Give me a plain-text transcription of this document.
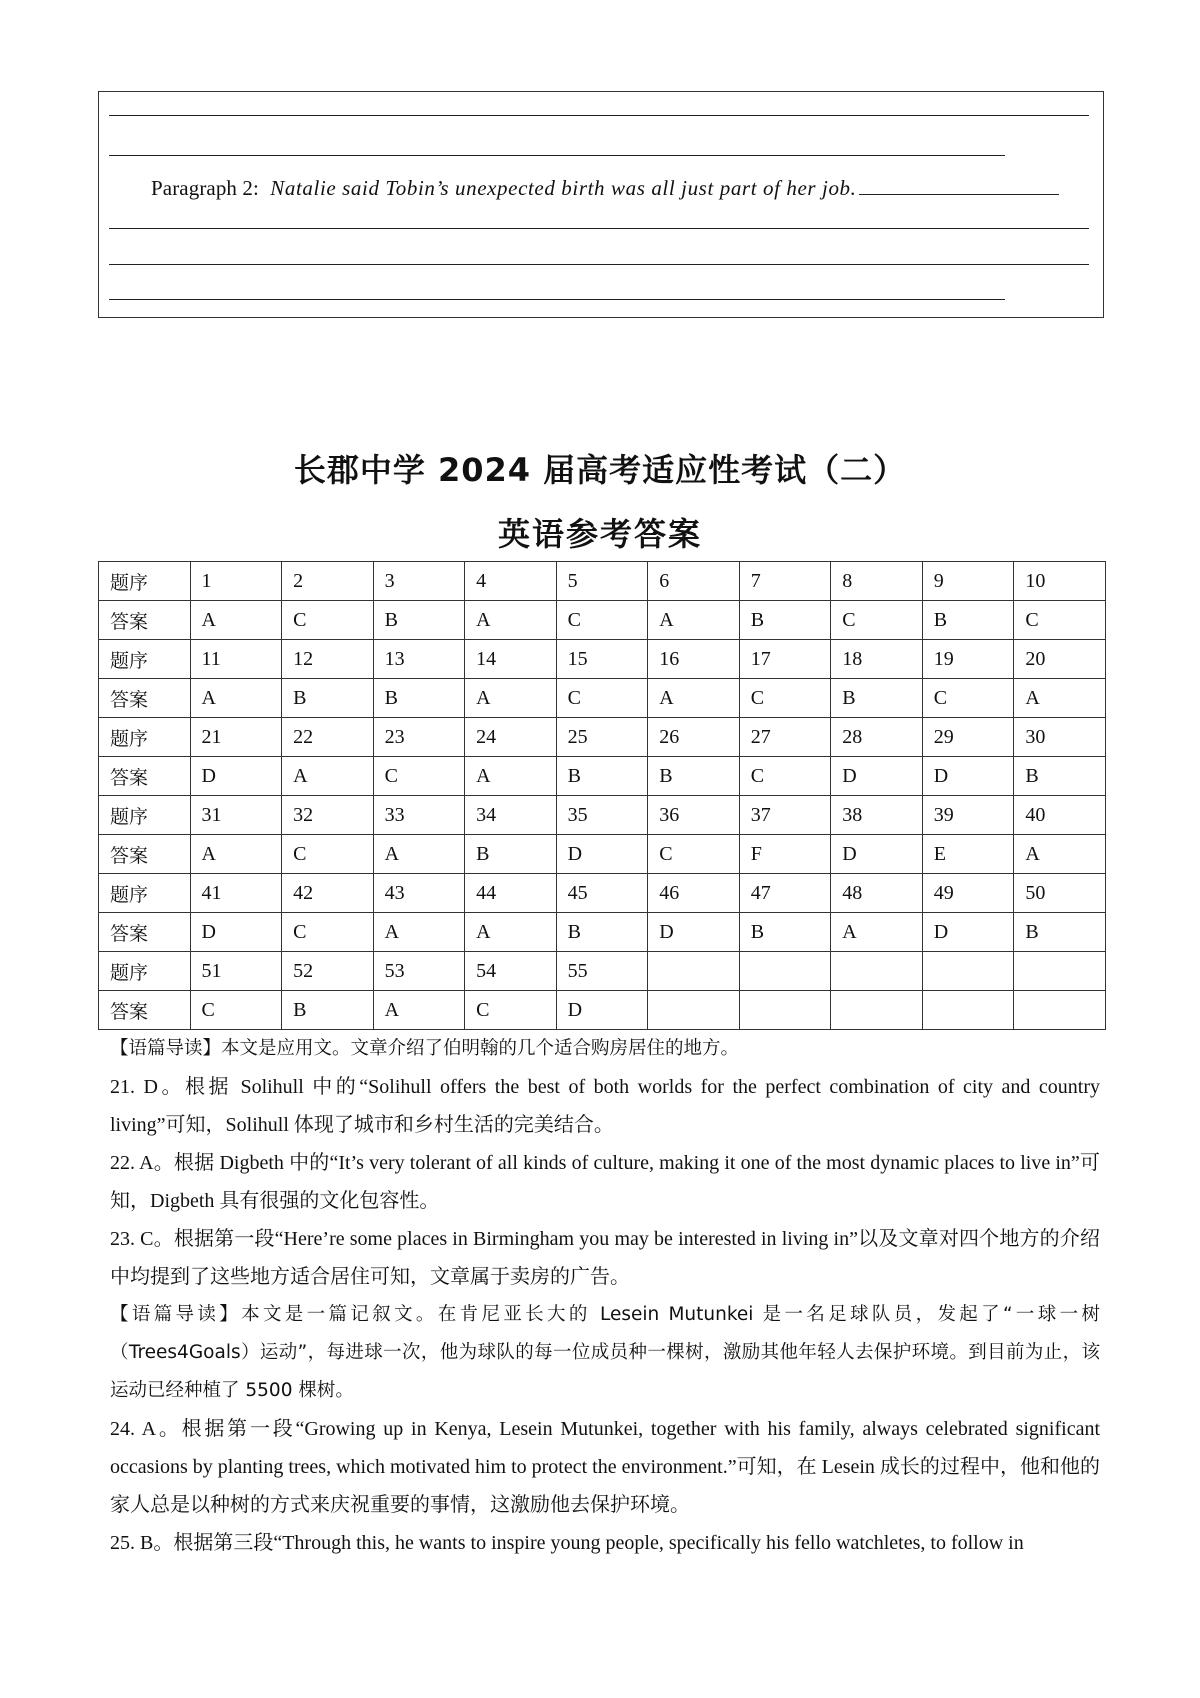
Paragraph 2: Natalie said Tobin’s unexpected birth was all just part of her job.
长郡中学 2024 届高考适应性考试（二）
英语参考答案
题序	1	2	3	4	5	6	7	8	9	10
答案	A	C	B	A	C	A	B	C	B	C
题序	11	12	13	14	15	16	17	18	19	20
答案	A	B	B	A	C	A	C	B	C	A
题序	21	22	23	24	25	26	27	28	29	30
答案	D	A	C	A	B	B	C	D	D	B
题序	31	32	33	34	35	36	37	38	39	40
答案	A	C	A	B	D	C	F	D	E	A
题序	41	42	43	44	45	46	47	48	49	50
答案	D	C	A	A	B	D	B	A	D	B
题序	51	52	53	54	55					
答案	C	B	A	C	D					

【语篇导读】本文是应用文。文章介绍了伯明翰的几个适合购房居住的地方。

21. D。根据 Solihull 中的“Solihull offers the best of both worlds for the perfect combination of city and country living”可知，Solihull 体现了城市和乡村生活的完美结合。

22. A。根据 Digbeth 中的“It’s very tolerant of all kinds of culture, making it one of the most dynamic places to live in”可知，Digbeth 具有很强的文化包容性。

23. C。根据第一段“Here’re some places in Birmingham you may be interested in living in”以及文章对四个地方的介绍中均提到了这些地方适合居住可知，文章属于卖房的广告。

【语篇导读】本文是一篇记叙文。在肯尼亚长大的 Lesein Mutunkei 是一名足球队员，发起了“一球一树（Trees4Goals）运动”，每进球一次，他为球队的每一位成员种一棵树，激励其他年轻人去保护环境。到目前为止，该运动已经种植了 5500 棵树。

24. A。根据第一段“Growing up in Kenya, Lesein Mutunkei, together with his family, always celebrated significant occasions by planting trees, which motivated him to protect the environment.”可知，在 Lesein 成长的过程中，他和他的家人总是以种树的方式来庆祝重要的事情，这激励他去保护环境。

25. B。根据第三段“Through this, he wants to inspire young people, specifically his fello watchletes, to follow in
